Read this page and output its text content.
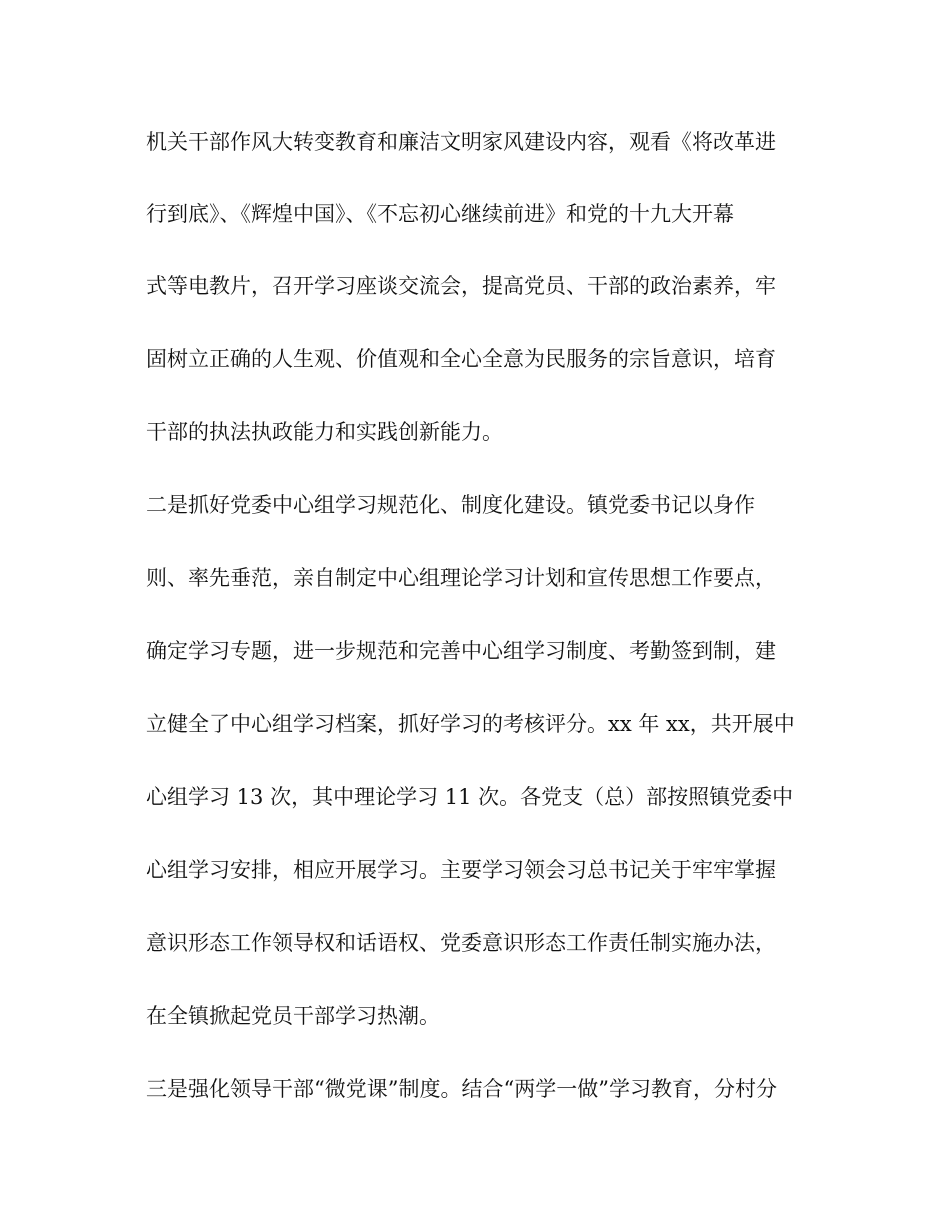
机关干部作风大转变教育和廉洁文明家风建设内容，观看《将改革进

行到底》、《辉煌中国》、《不忘初心继续前进》和党的十九大开幕

式等电教片，召开学习座谈交流会，提高党员、干部的政治素养，牢

固树立正确的人生观、价值观和全心全意为民服务的宗旨意识，培育

干部的执法执政能力和实践创新能力。

二是抓好党委中心组学习规范化、制度化建设。镇党委书记以身作

则、率先垂范，亲自制定中心组理论学习计划和宣传思想工作要点，

确定学习专题，进一步规范和完善中心组学习制度、考勤签到制，建

立健全了中心组学习档案，抓好学习的考核评分。xx 年 xx，共开展中

心组学习 13 次，其中理论学习 11 次。各党支（总）部按照镇党委中

心组学习安排，相应开展学习。主要学习领会习总书记关于牢牢掌握

意识形态工作领导权和话语权、党委意识形态工作责任制实施办法，

在全镇掀起党员干部学习热潮。

三是强化领导干部“微党课”制度。结合“两学一做”学习教育，分村分
